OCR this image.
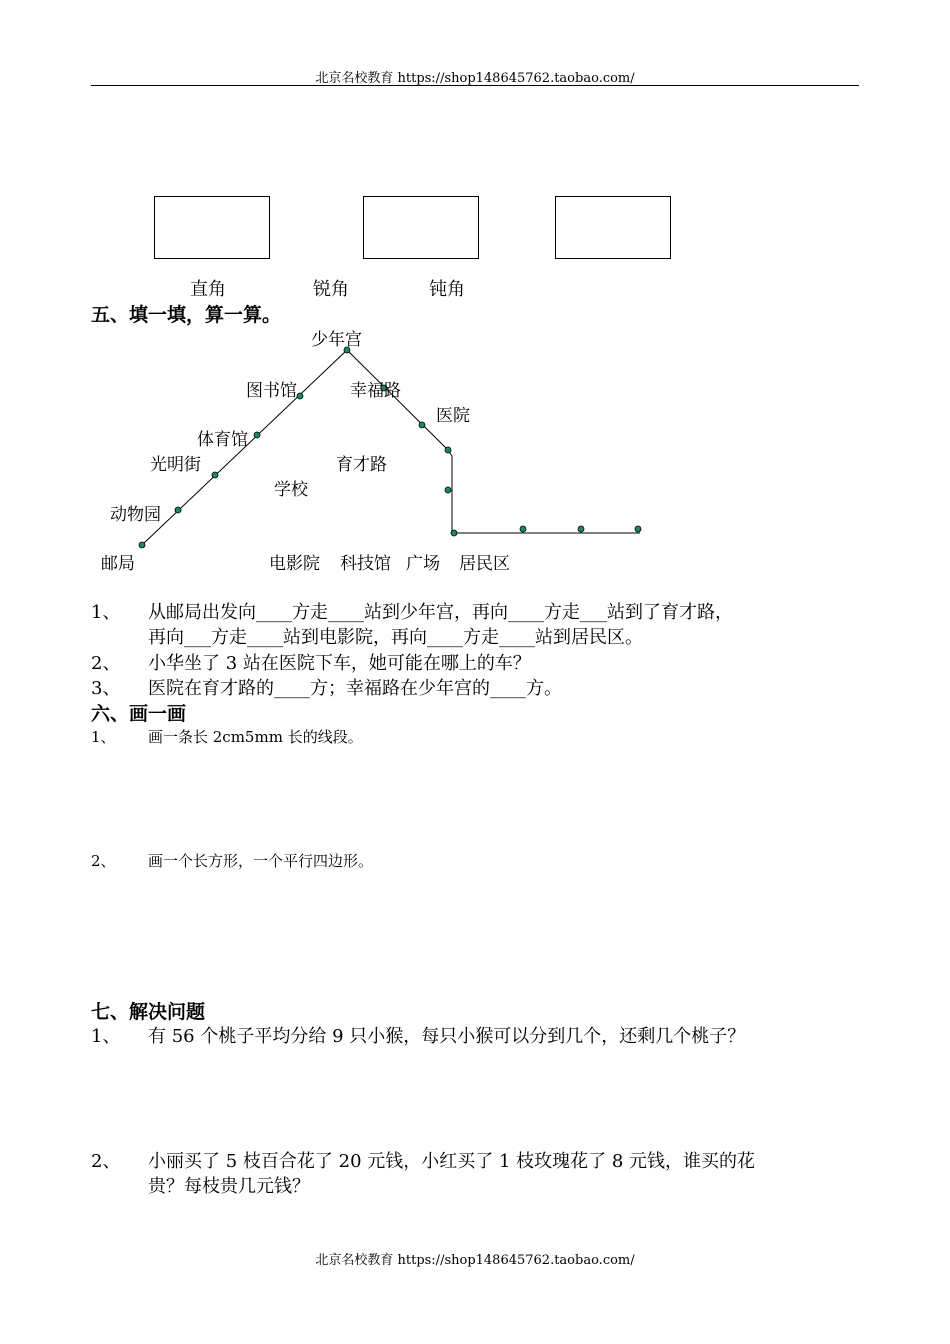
北京名校教育 https://shop148645762.taobao.com/
直角	锐角	钝角
五、填一填，算一算。
少年宫
图书馆	幸福路
医院
体育馆
光明街	育才路
学校
动物园
邮局	电影院 科技馆 广场 居民区
1、 从邮局出发向____方走____站到少年宫，再向____方走___站到了育才路，
再向___方走____站到电影院，再向____方走____站到居民区。
2、 小华坐了 3 站在医院下车，她可能在哪上的车？
3、 医院在育才路的____方；幸福路在少年宫的____方。
六、画一画
1、 画一条长 2cm5mm 长的线段。
2、 画一个长方形，一个平行四边形。
七、解决问题
1、 有 56 个桃子平均分给 9 只小猴，每只小猴可以分到几个，还剩几个桃子？
2、 小丽买了 5 枝百合花了 20 元钱，小红买了 1 枝玫瑰花了 8 元钱，谁买的花
贵？每枝贵几元钱？
北京名校教育 https://shop148645762.taobao.com/
